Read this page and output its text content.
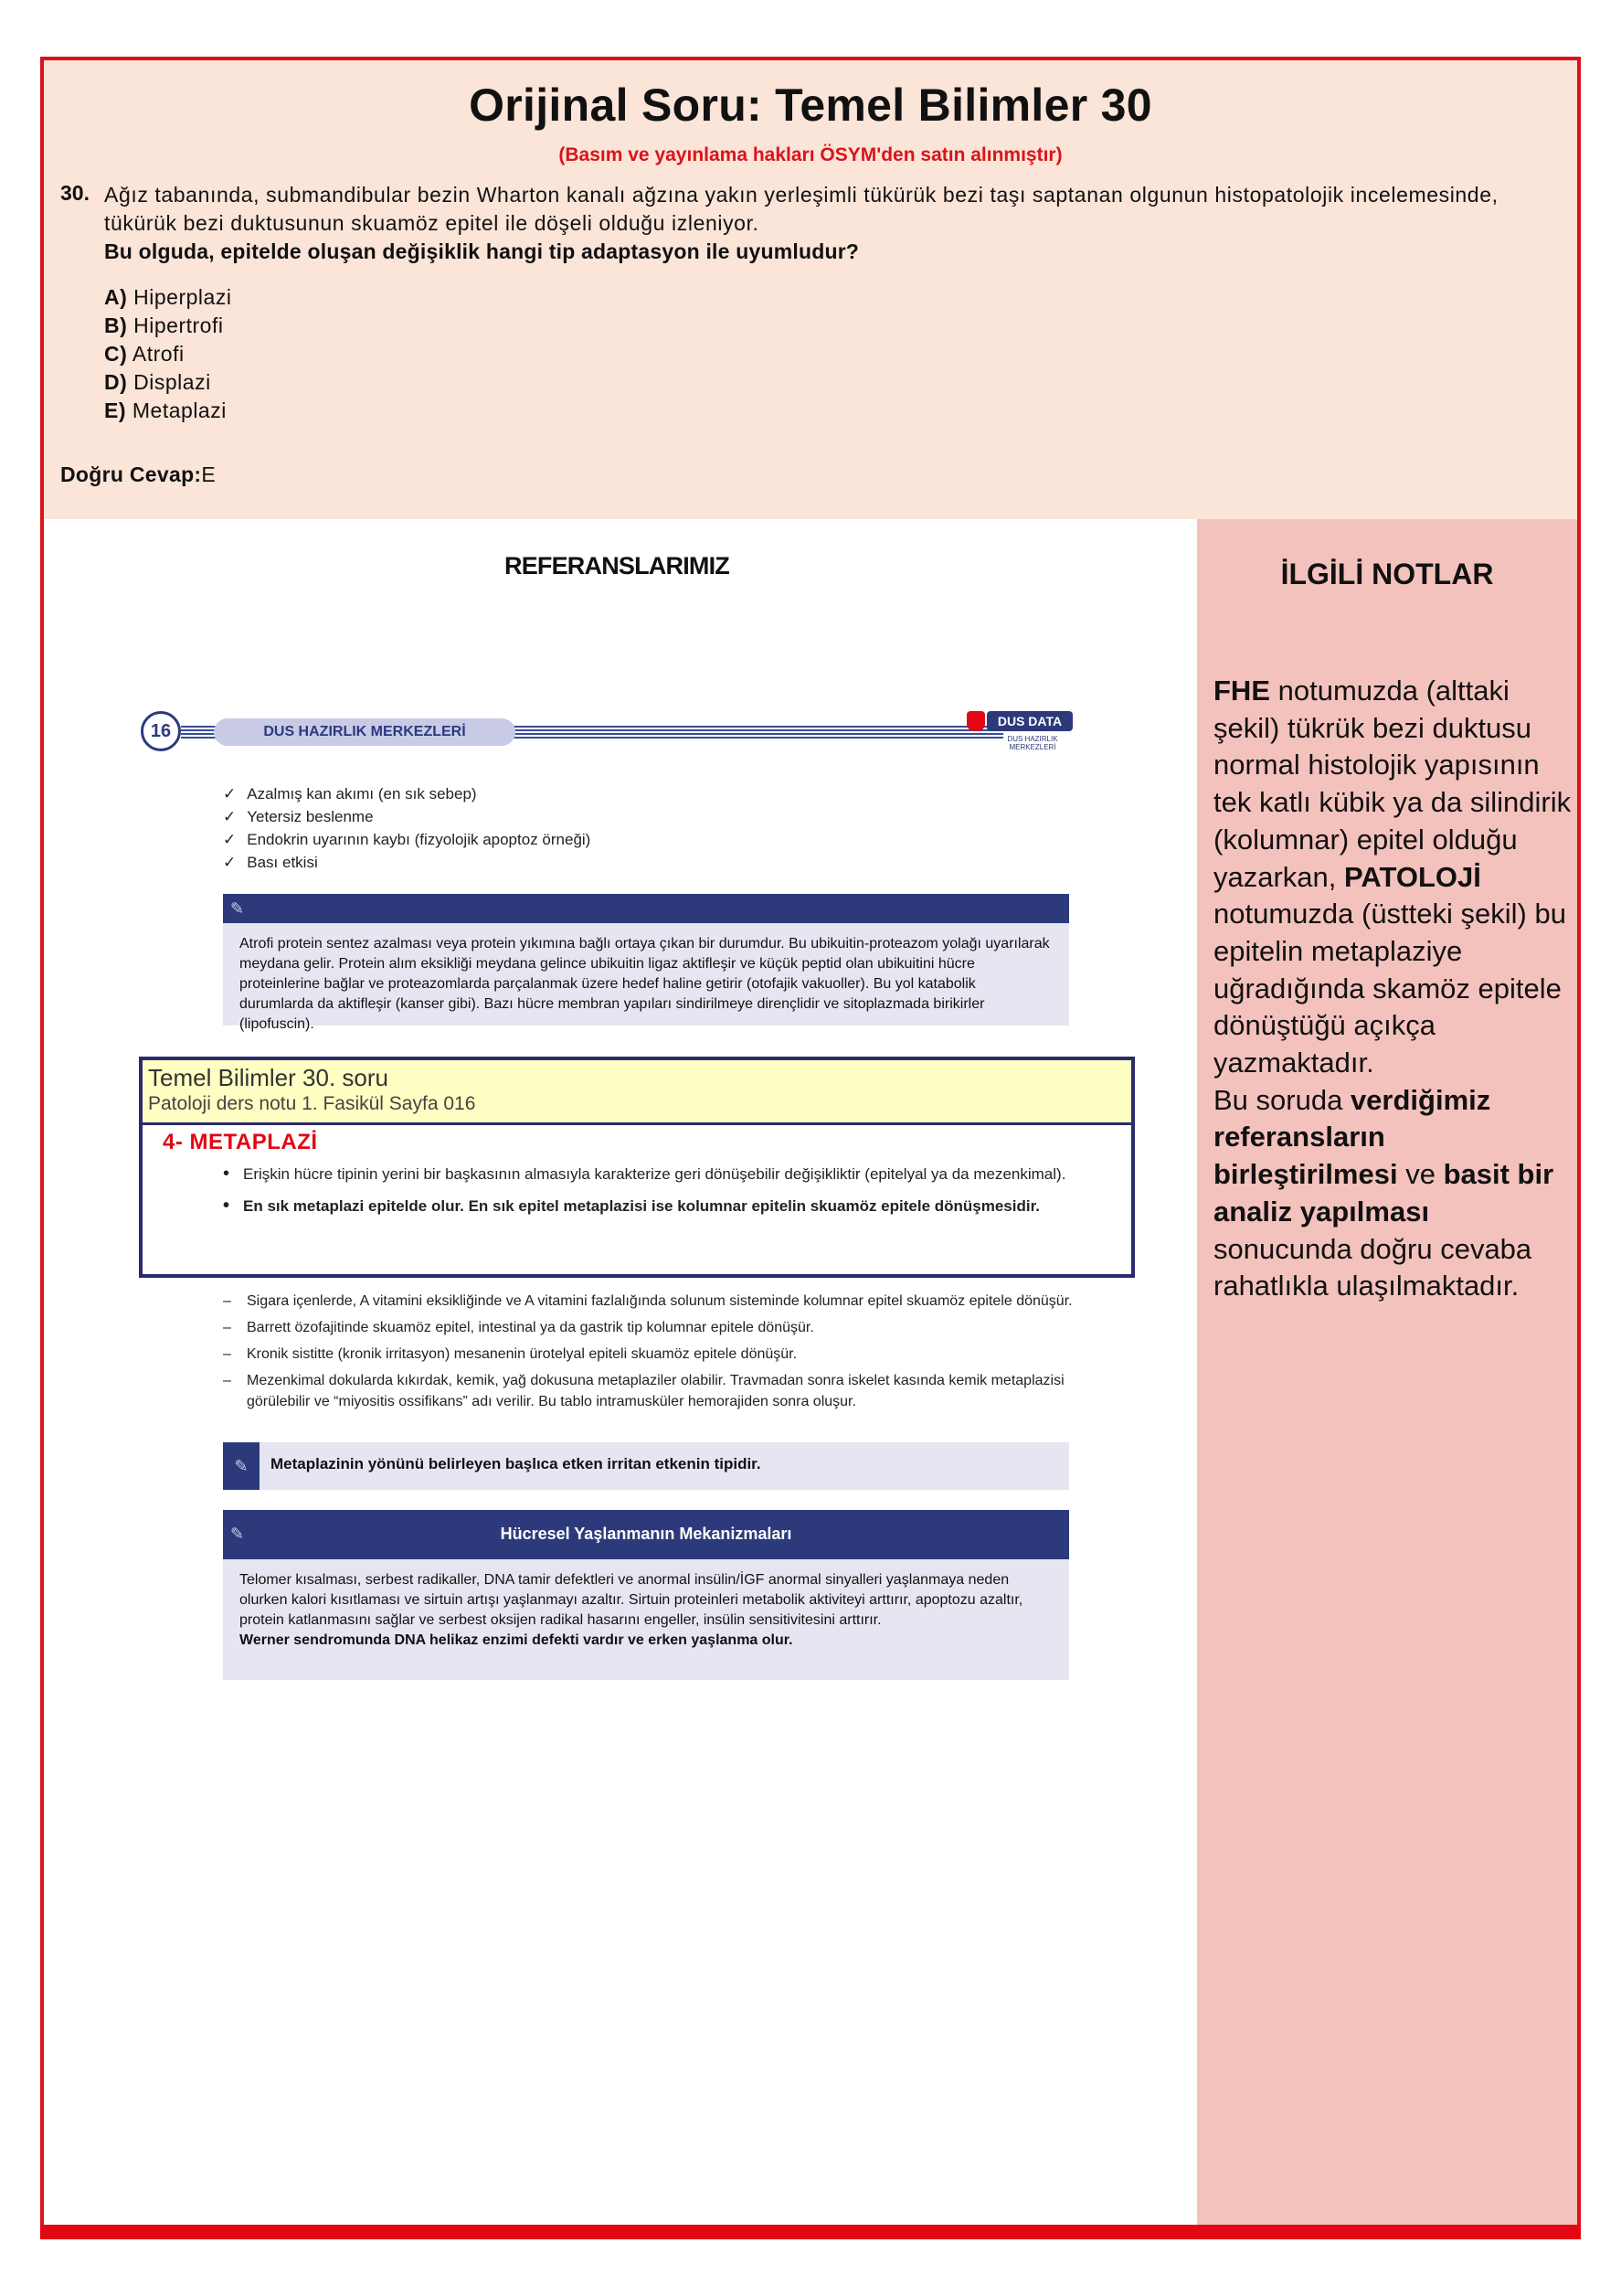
Orijinal Soru: Temel Bilimler 30
(Basım ve yayınlama hakları ÖSYM'den satın alınmıştır)
30. Ağız tabanında, submandibular bezin Wharton kanalı ağzına yakın yerleşimli tükürük bezi taşı saptanan olgunun histopatolojik incelemesinde, tükürük bezi duktusunun skuamöz epitel ile döşeli olduğu izleniyor.
Bu olguda, epitelde oluşan değişiklik hangi tip adaptasyon ile uyumludur?
A) Hiperplazi
B) Hipertrofi
C) Atrofi
D) Displazi
E) Metaplazi
Doğru Cevap:E
REFERANSLARIMIZ
16	DUS HAZIRLIK MERKEZLERİ
DUS DATA
DUS HAZIRLIK MERKEZLERİ
✓ Azalmış kan akımı (en sık sebep)
✓ Yetersiz beslenme
✓ Endokrin uyarının kaybı (fizyolojik apoptoz örneği)
✓ Bası etkisi
✎
Atrofi protein sentez azalması veya protein yıkımına bağlı ortaya çıkan bir durumdur. Bu ubikuitin-proteazom yolağı uyarılarak meydana gelir. Protein alım eksikliği meydana gelince ubikuitin ligaz aktifleşir ve küçük peptid olan ubikuitini hücre proteinlerine bağlar ve proteazomlarda parçalanmak üzere hedef haline getirir (otofajik vakuoller). Bu yol katabolik durumlarda da aktifleşir (kanser gibi). Bazı hücre membran yapıları sindirilmeye dirençlidir ve sitoplazmada birikirler (lipofuscin).
Temel Bilimler 30. soru
Patoloji ders notu 1. Fasikül Sayfa 016
4- METAPLAZİ
• Erişkin hücre tipinin yerini bir başkasının almasıyla karakterize geri dönüşebilir değişikliktir (epitelyal ya da mezenkimal).
• En sık metaplazi epitelde olur. En sık epitel metaplazisi ise kolumnar epitelin skuamöz epitele dönüşmesidir.
– Sigara içenlerde, A vitamini eksikliğinde ve A vitamini fazlalığında solunum sisteminde kolumnar epitel skuamöz epitele dönüşür.
– Barrett özofajitinde skuamöz epitel, intestinal ya da gastrik tip kolumnar epitele dönüşür.
– Kronik sistitte (kronik irritasyon) mesanenin ürotelyal epiteli skuamöz epitele dönüşür.
– Mezenkimal dokularda kıkırdak, kemik, yağ dokusuna metaplaziler olabilir. Travmadan sonra iskelet kasında kemik metaplazisi görülebilir ve “miyositis ossifikans” adı verilir. Bu tablo intramusküler hemorajiden sonra oluşur.
✎	Metaplazinin yönünü belirleyen başlıca etken irritan etkenin tipidir.
✎	Hücresel Yaşlanmanın Mekanizmaları
Telomer kısalması, serbest radikaller, DNA tamir defektleri ve anormal insülin/İGF anormal sinyalleri yaşlanmaya neden olurken kalori kısıtlaması ve sirtuin artışı yaşlanmayı azaltır. Sirtuin proteinleri metabolik aktiviteyi arttırır, apoptozu azaltır, protein katlanmasını sağlar ve serbest oksijen radikal hasarını engeller, insülin sensitivitesini arttırır.
Werner sendromunda DNA helikaz enzimi defekti vardır ve erken yaşlanma olur.
İLGİLİ NOTLAR
FHE notumuzda (alttaki şekil) tükrük bezi duktusu normal histolojik yapısının tek katlı kübik ya da silindirik (kolumnar) epitel olduğu yazarkan, PATOLOJİ notumuzda (üstteki şekil) bu epitelin metaplaziye uğradığında skamöz epitele dönüştüğü açıkça yazmaktadır.
Bu soruda verdiğimiz referansların birleştirilmesi ve basit bir analiz yapılması sonucunda doğru cevaba rahatlıkla ulaşılmaktadır.
